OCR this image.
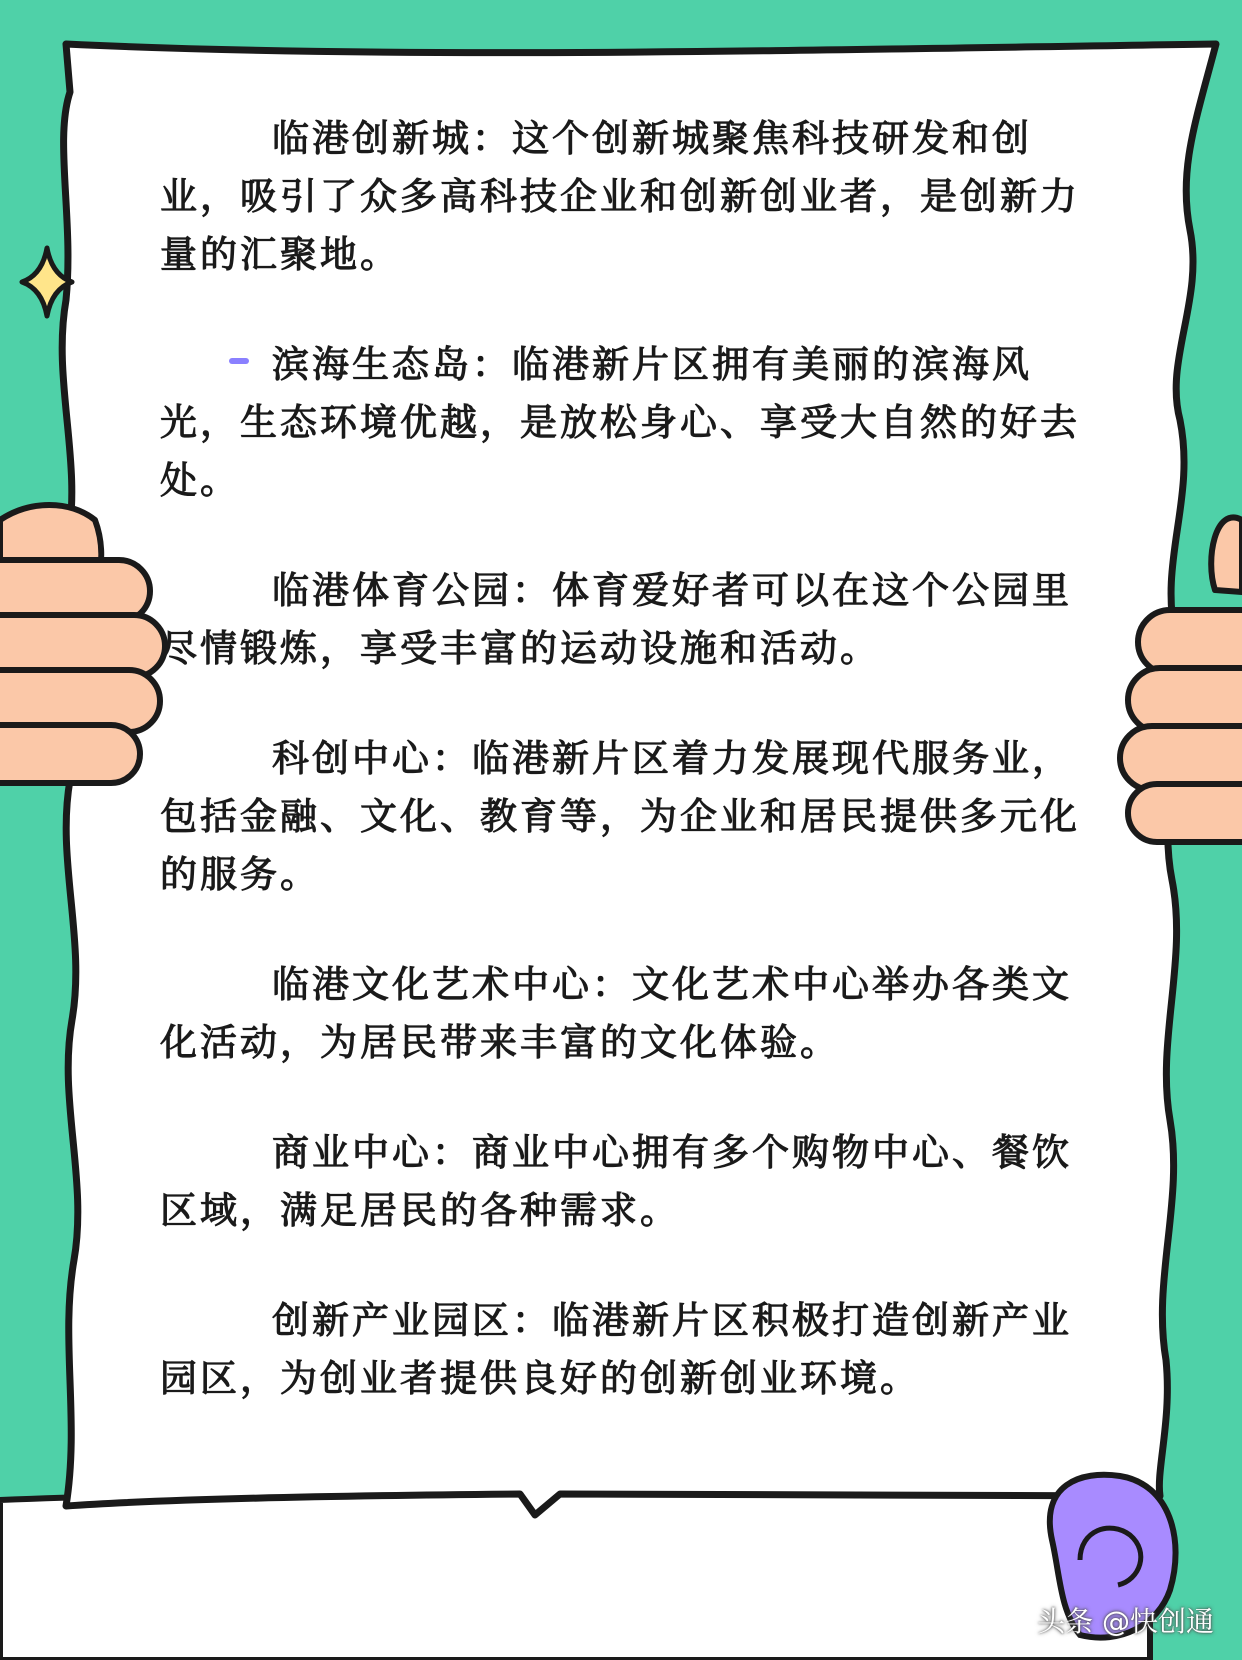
临港创新城：这个创新城聚焦科技研发和创业，吸引了众多高科技企业和创新创业者，是创新力量的汇聚地。

滨海生态岛：临港新片区拥有美丽的滨海风光，生态环境优越，是放松身心、享受大自然的好去处。

临港体育公园：体育爱好者可以在这个公园里尽情锻炼，享受丰富的运动设施和活动。

科创中心：临港新片区着力发展现代服务业，包括金融、文化、教育等，为企业和居民提供多元化的服务。

临港文化艺术中心：文化艺术中心举办各类文化活动，为居民带来丰富的文化体验。

商业中心：商业中心拥有多个购物中心、餐饮区域，满足居民的各种需求。

创新产业园区：临港新片区积极打造创新产业园区，为创业者提供良好的创新创业环境。

头条 @快创通
